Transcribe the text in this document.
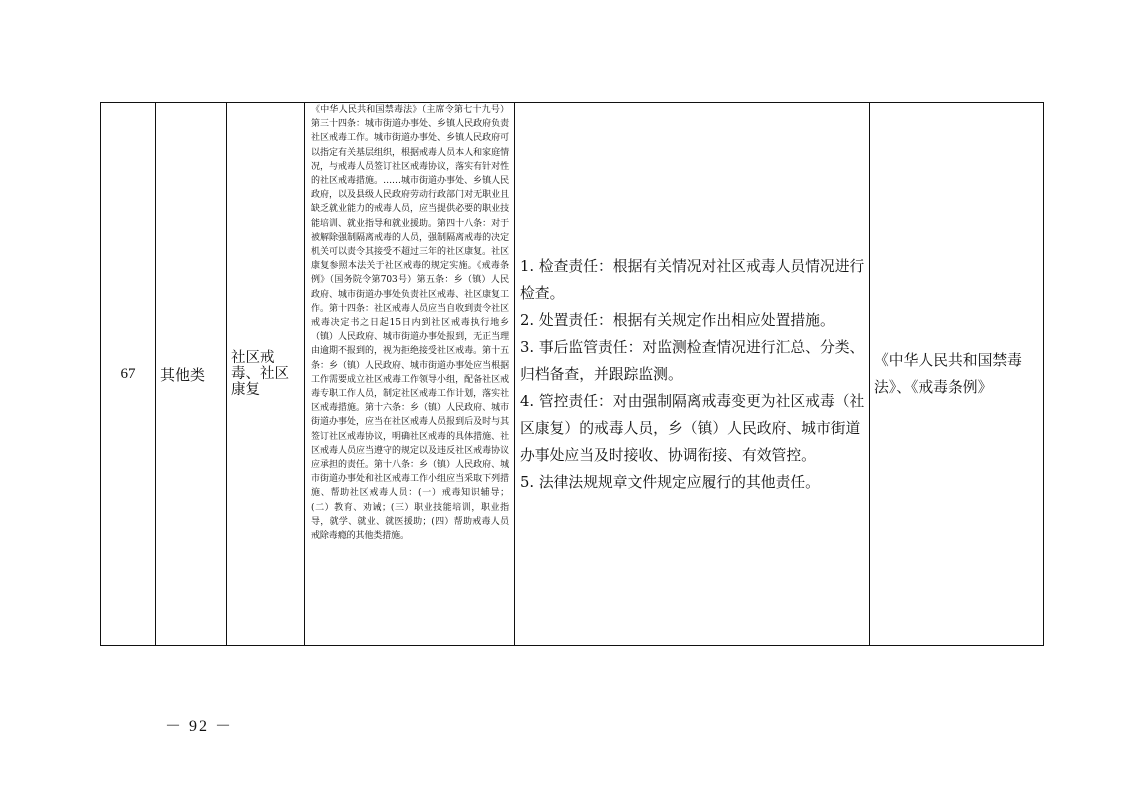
67	其他类
社区戒毒、社区康复

《中华人民共和国禁毒法》（主席令第七十九号）第三十四条：城市街道办事处、乡镇人民政府负责社区戒毒工作。城市街道办事处、乡镇人民政府可以指定有关基层组织，根据戒毒人员本人和家庭情况，与戒毒人员签订社区戒毒协议，落实有针对性的社区戒毒措施。……城市街道办事处、乡镇人民政府，以及县级人民政府劳动行政部门对无职业且缺乏就业能力的戒毒人员，应当提供必要的职业技能培训、就业指导和就业援助。第四十八条：对于被解除强制隔离戒毒的人员，强制隔离戒毒的决定机关可以责令其接受不超过三年的社区康复。社区康复参照本法关于社区戒毒的规定实施。《戒毒条例》（国务院令第703号）第五条：乡（镇）人民政府、城市街道办事处负责社区戒毒、社区康复工作。第十四条：社区戒毒人员应当自收到责令社区戒毒决定书之日起15日内到社区戒毒执行地乡（镇）人民政府、城市街道办事处报到，无正当理由逾期不报到的，视为拒绝接受社区戒毒。第十五条：乡（镇）人民政府、城市街道办事处应当根据工作需要成立社区戒毒工作领导小组，配备社区戒毒专职工作人员，制定社区戒毒工作计划，落实社区戒毒措施。第十六条：乡（镇）人民政府、城市街道办事处，应当在社区戒毒人员报到后及时与其签订社区戒毒协议，明确社区戒毒的具体措施、社区戒毒人员应当遵守的规定以及违反社区戒毒协议应承担的责任。第十八条：乡（镇）人民政府、城市街道办事处和社区戒毒工作小组应当采取下列措施、帮助社区戒毒人员：(一）戒毒知识辅导；(二）教育、劝诫；(三）职业技能培训，职业指导，就学、就业、就医援助；(四）帮助戒毒人员戒除毒瘾的其他类措施。

1. 检查责任：根据有关情况对社区戒毒人员情况进行检查。
2. 处置责任：根据有关规定作出相应处置措施。
3. 事后监管责任：对监测检查情况进行汇总、分类、归档备查，并跟踪监测。
4. 管控责任：对由强制隔离戒毒变更为社区戒毒（社区康复）的戒毒人员，乡（镇）人民政府、城市街道办事处应当及时接收、协调衔接、有效管控。
5. 法律法规规章文件规定应履行的其他责任。
《中华人民共和国禁毒法》、《戒毒条例》
－ 92 －
